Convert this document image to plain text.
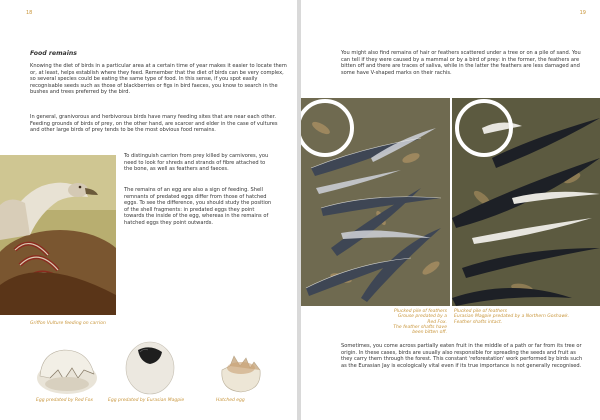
18
Food remains
Knowing the diet of birds in a particular area at a certain time of year makes it easier to locate them or, at least, helps establish where they feed. Remember that the diet of birds can be very complex, so several species could be eating the same type of food. In this sense, if you spot easily recognisable seeds such as those of blackberries or figs in bird faeces, you know to search in the bushes and trees preferred by the bird.
In general, granivorous and herbivorous birds have many feeding sites that are near each other. Feeding grounds of birds of prey, on the other hand, are scarcer and elder in the case of vultures and other large birds of prey tends to be the most obvious food remains.
Griffon Vulture feeding on carrion
To distinguish carrion from prey killed by carnivores, you need to look for shreds and strands of fibre attached to the bone, as well as feathers and faeces.
The remains of an egg are also a sign of feeding. Shell remnants of predated eggs differ from those of hatched eggs. To see the difference, you should study the position of the shell fragments: in predated eggs they point towards the inside of the egg, whereas in the remains of hatched eggs they point outwards.
Egg predated by Red Fox	Egg predated by Eurasian Magpie	Hatched egg
19
You might also find remains of hair or feathers scattered under a tree or on a pile of sand. You can tell if they were caused by a mammal or by a bird of prey: in the former, the feathers are bitten off and there are traces of saliva, while in the latter the feathers are less damaged and some have V-shaped marks on their rachis.
Plucked pile of feathers
Grouse predated by a Red Fox.
The feather shafts have been bitten off.
Plucked pile of feathers
Eurasian Magpie predated by a Northern Goshawk.
Feather shafts intact.
Sometimes, you come across partially eaten fruit in the middle of a path or far from its tree or origin. In these cases, birds are usually also responsible for spreading the seeds and fruit as they carry them through the forest. This constant 'reforestation' work performed by birds such as the Eurasian Jay is ecologically vital even if its true importance is not generally recognised.
